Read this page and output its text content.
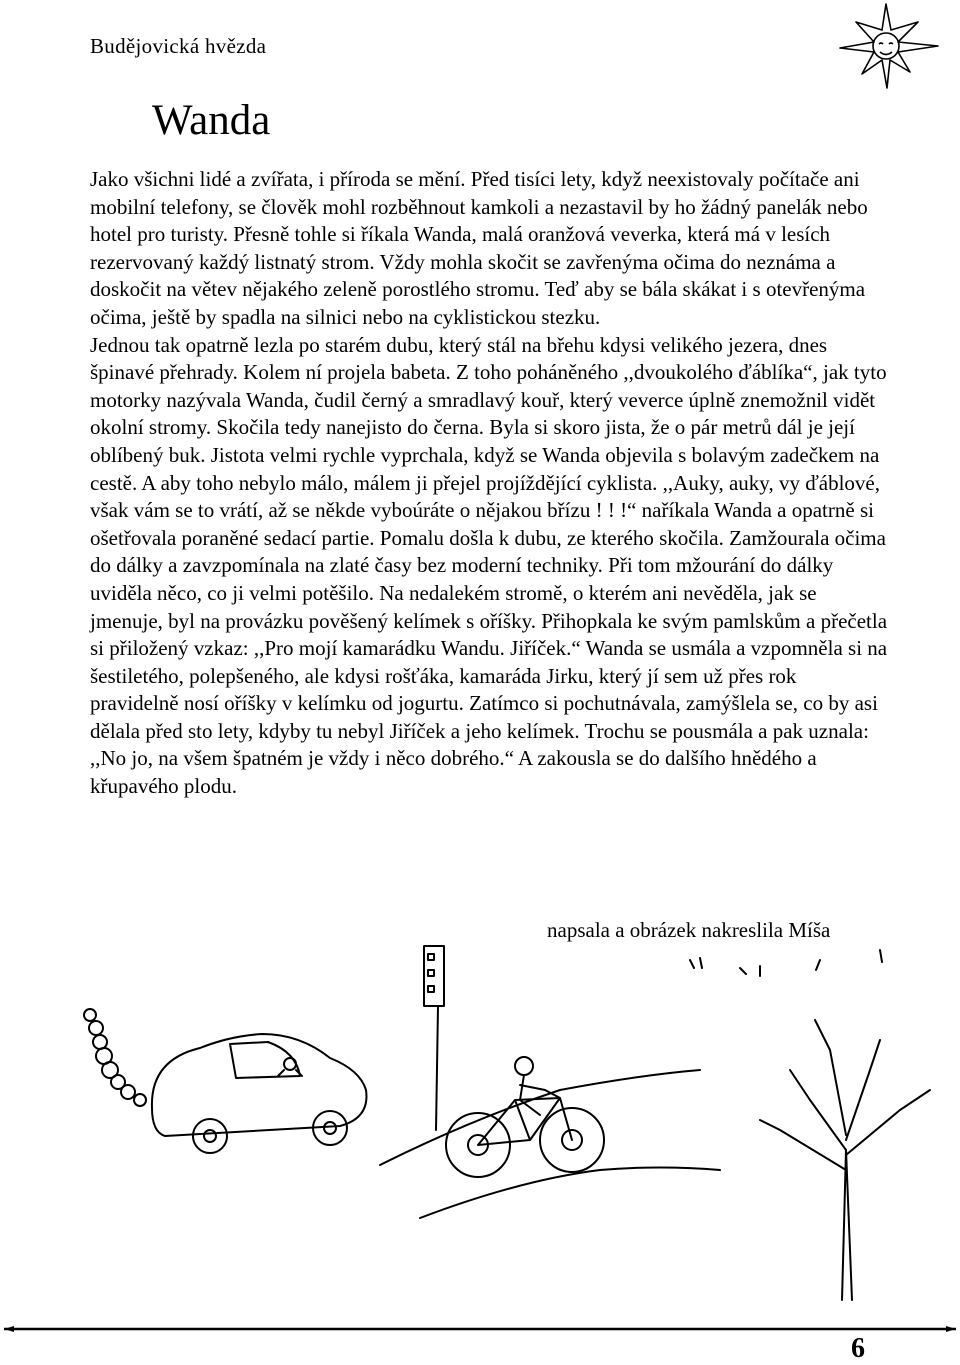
Budějovická hvězda
Wanda

Jako všichni lidé a zvířata, i příroda se mění. Před tisíci lety, když neexistovaly počítače ani mobilní telefony, se člověk mohl rozběhnout kamkoli a nezastavil by ho žádný panelák nebo hotel pro turisty. Přesně tohle si říkala Wanda, malá oranžová veverka, která má v lesích rezervovaný každý listnatý strom. Vždy mohla skočit se zavřenýma očima do neznáma a doskočit na větev nějakého zeleně porostlého stromu. Teď aby se bála skákat i s otevřenýma očima, ještě by spadla na silnici nebo na cyklistickou stezku.

Jednou tak opatrně lezla po starém dubu, který stál na břehu kdysi velikého jezera, dnes špinavé přehrady. Kolem ní projela babeta. Z toho poháněného ,,dvoukolého ďáblíka“, jak tyto motorky nazývala Wanda, čudil černý a smradlavý kouř, který veverce úplně znemožnil vidět okolní stromy. Skočila tedy nanejisto do černa. Byla si skoro jista, že o pár metrů dál je její oblíbený buk. Jistota velmi rychle vyprchala, když se Wanda objevila s bolavým zadečkem na cestě. A aby toho nebylo málo, málem ji přejel projíždějící cyklista. ,,Auky, auky, vy ďáblové, však vám se to vrátí, až se někde vyboúráte o nějakou břízu ! ! !“ naříkala Wanda a opatrně si ošetřovala poraněné sedací partie. Pomalu došla k dubu, ze kterého skočila. Zamžourala očima do dálky a zavzpomínala na zlaté časy bez moderní techniky. Při tom mžourání do dálky uviděla něco, co ji velmi potěšilo. Na nedalekém stromě, o kterém ani nevěděla, jak se jmenuje, byl na provázku pověšený kelímek s oříšky. Přihopkala ke svým pamlskům a přečetla si přiložený vzkaz: ,,Pro mojí kamarádku Wandu. Jiříček.“ Wanda se usmála a vzpomněla si na šestiletého, polepšeného, ale kdysi rošťáka, kamaráda Jirku, který jí sem už přes rok pravidelně nosí oříšky v kelímku od jogurtu. Zatímco si pochutnávala, zamýšlela se, co by asi dělala před sto lety, kdyby tu nebyl Jiříček a jeho kelímek. Trochu se pousmála a pak uznala: ,,No jo, na všem špatném je vždy i něco dobrého.“ A zakousla se do dalšího hnědého a křupavého plodu.

napsala a obrázek nakreslila Míša
6
